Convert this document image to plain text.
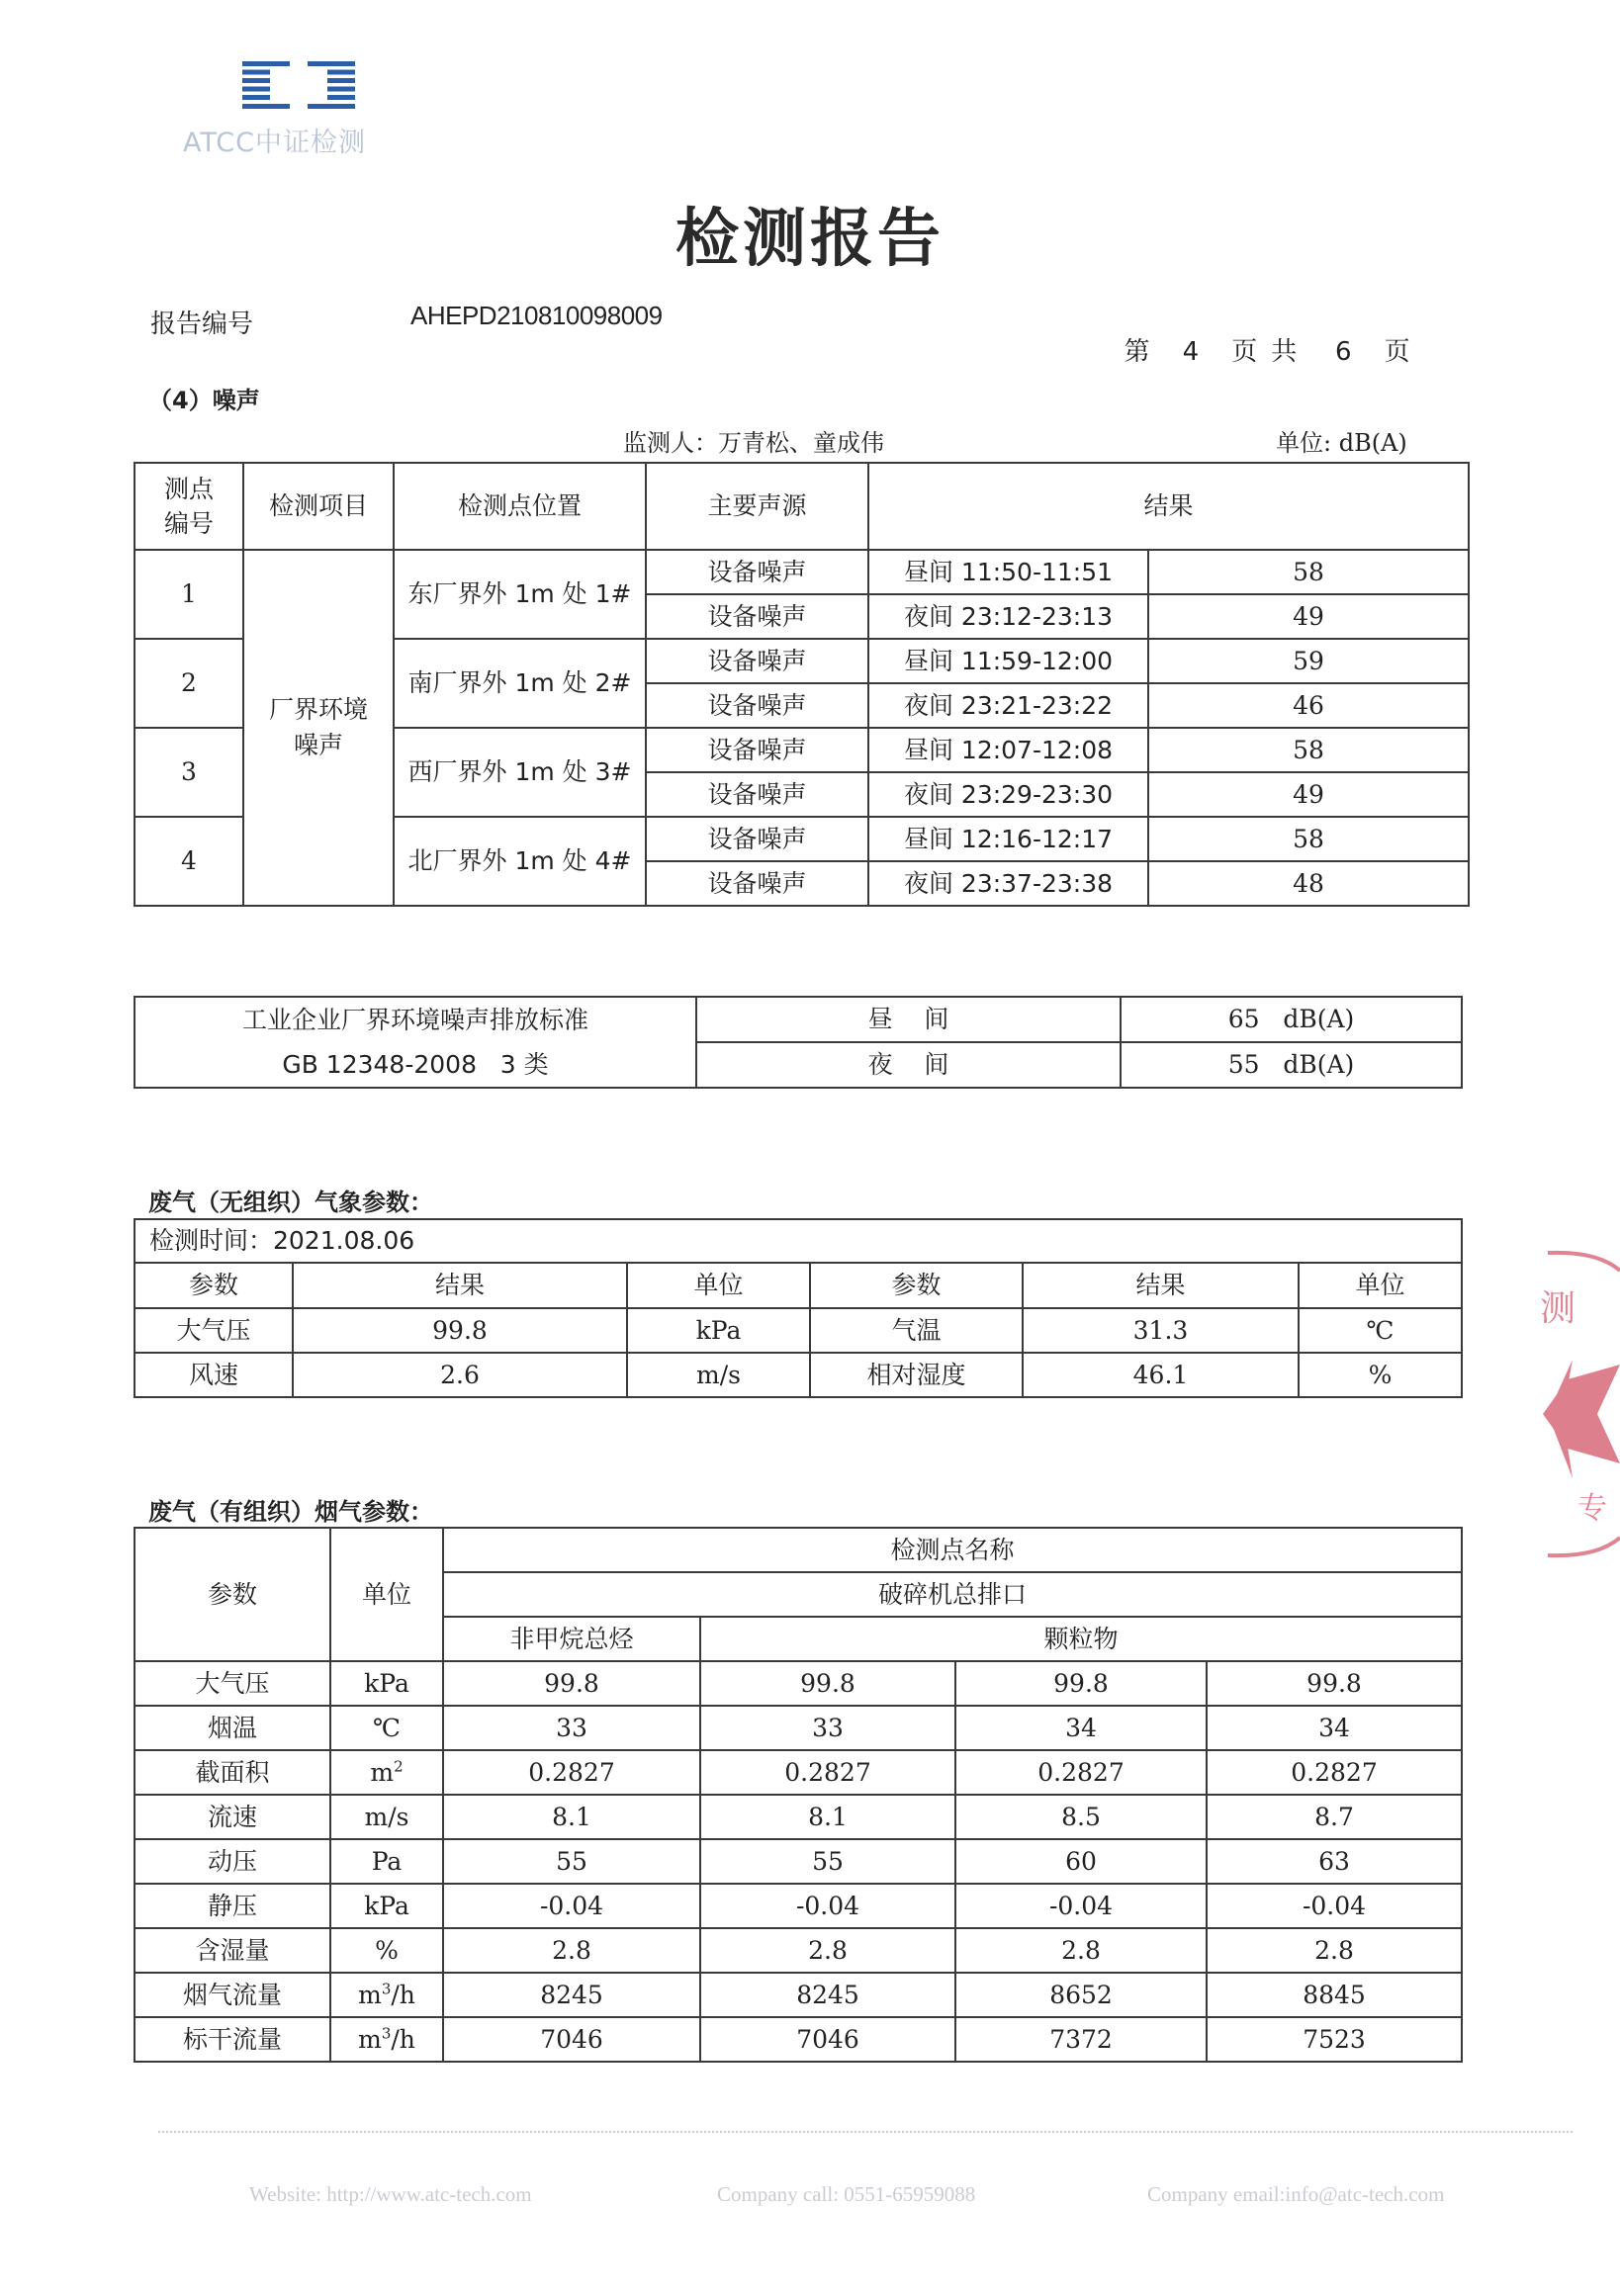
ATCC中证检测
检测报告
报告编号	AHEPD210810098009

第 4 页共 6 页

（4）噪声
监测人：万青松、童成伟	单位: dB(A)
测点编号	检测项目	检测点位置	主要声源	结果	
1	厂界环境噪声	东厂界外 1m 处 1#	设备噪声	昼间 11:50-11:51	58
			设备噪声	夜间 23:12-23:13	49
2		南厂界外 1m 处 2#	设备噪声	昼间 11:59-12:00	59
			设备噪声	夜间 23:21-23:22	46
3		西厂界外 1m 处 3#	设备噪声	昼间 12:07-12:08	58
			设备噪声	夜间 23:29-23:30	49
4		北厂界外 1m 处 4#	设备噪声	昼间 12:16-12:17	58
			设备噪声	夜间 23:37-23:38	48
工业企业厂界环境噪声排放标准
GB 12348-2008   3 类	昼    间	65   dB(A)
	夜    间	55   dB(A)
废气（无组织）气象参数：
检测时间：2021.08.06					
参数	结果	单位	参数	结果	单位
大气压	99.8	kPa	气温	31.3	℃
风速	2.6	m/s	相对湿度	46.1	%
废气（有组织）烟气参数：
参数	单位	检测点名称			
		破碎机总排口			
		非甲烷总烃	颗粒物		
大气压	kPa	99.8	99.8	99.8	99.8
烟温	℃	33	33	34	34
截面积	$m^2$	0.2827	0.2827	0.2827	0.2827
流速	m/s	8.1	8.1	8.5	8.7
动压	Pa	55	55	60	63
静压	kPa	-0.04	-0.04	-0.04	-0.04
含湿量	%	2.8	2.8	2.8	2.8
烟气流量	$m^3/h$	8245	8245	8652	8845
标干流量	$m^3/h$	7046	7046	7372	7523
测
专
Website: http://www.atc-tech.com	Company call: 0551-65959088	Company email:info@atc-tech.com
